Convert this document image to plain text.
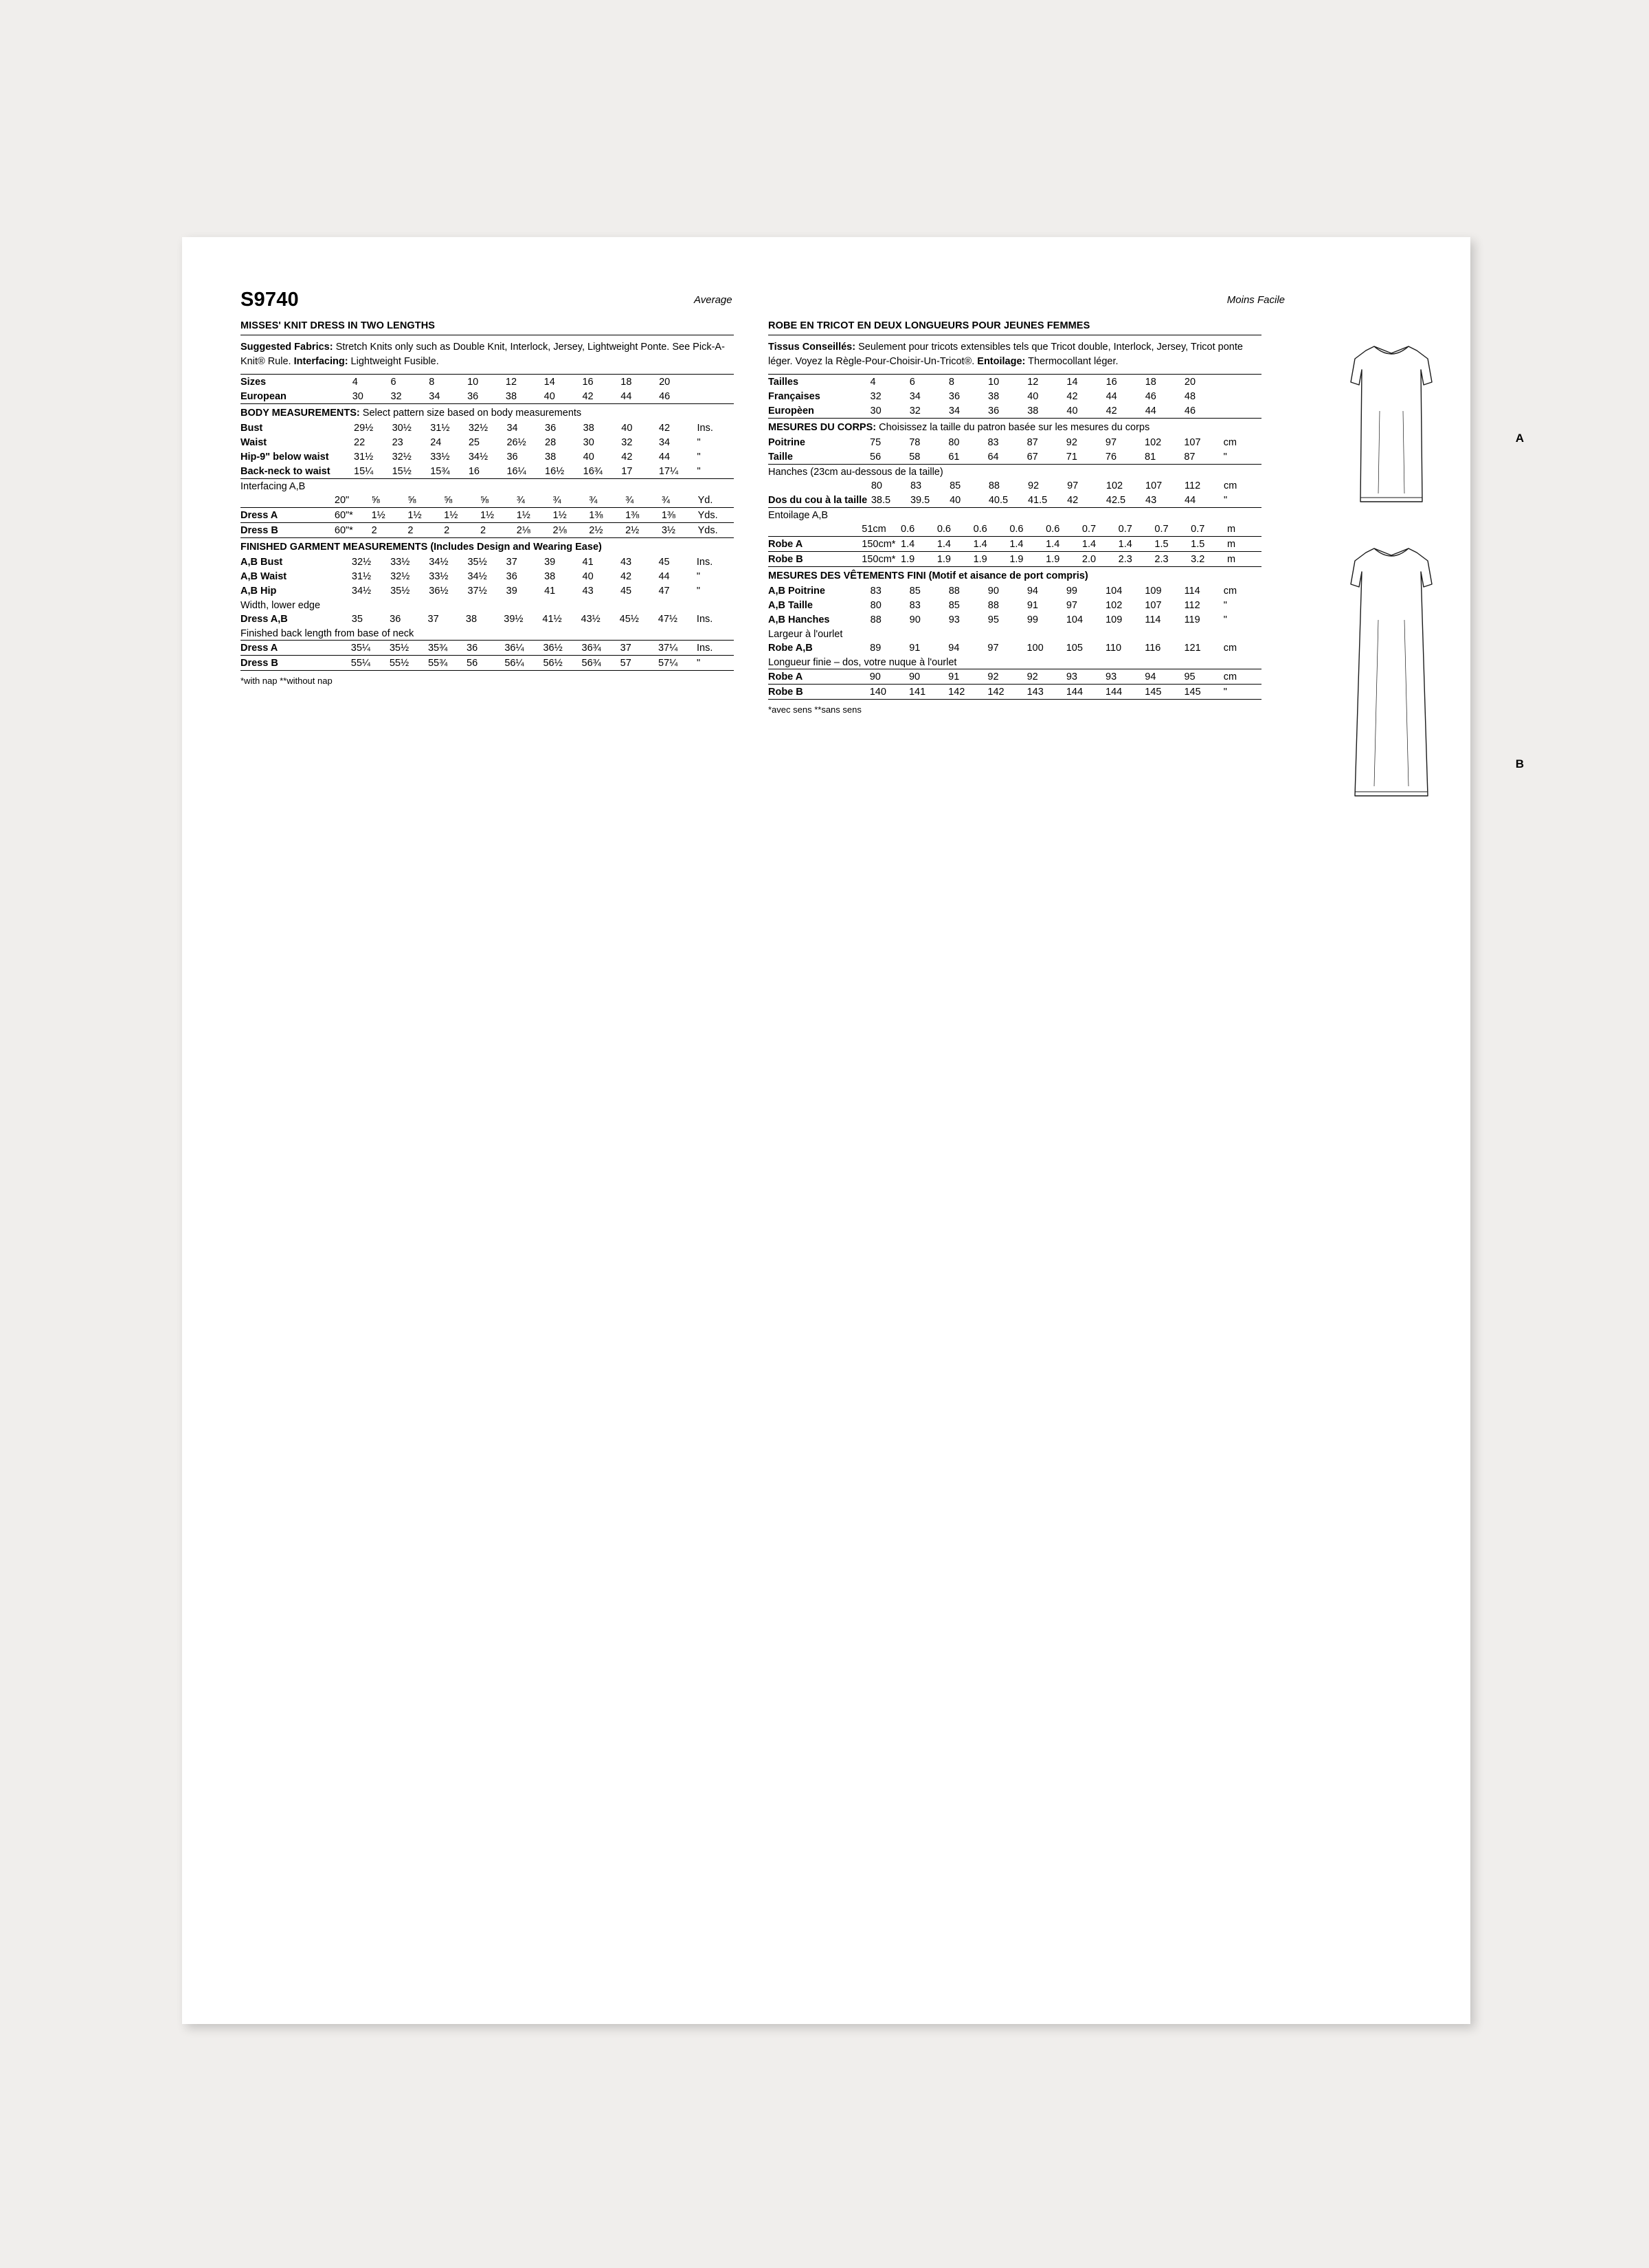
S9740	Average	Moins Facile
MISSES' KNIT DRESS IN TWO LENGTHS
Suggested Fabrics: Stretch Knits only such as Double Knit, Interlock, Jersey, Lightweight Ponte. See Pick-A-Knit® Rule. Interfacing: Lightweight Fusible.
Sizes	4	6	8	10	12	14	16	18	20	
European	30	32	34	36	38	40	42	44	46	
BODY MEASUREMENTS: Select pattern size based on body measurements
Bust	29½	30½	31½	32½	34	36	38	40	42	Ins.
Waist	22	23	24	25	26½	28	30	32	34	"
Hip-9" below waist	31½	32½	33½	34½	36	38	40	42	44	"
Back-neck to waist	15¼	15½	15¾	16	16¼	16½	16¾	17	17¼	"
Interfacing A,B
	20"	⅝	⅝	⅝	⅝	¾	¾	¾	¾	¾	Yd.
Dress A	60"*	1½	1½	1½	1½	1½	1½	1⅜	1⅜	1⅜	Yds.
Dress B	60"*	2	2	2	2	2⅛	2⅛	2½	2½	3½	Yds.
FINISHED GARMENT MEASUREMENTS (Includes Design and Wearing Ease)
A,B Bust	32½	33½	34½	35½	37	39	41	43	45	Ins.
A,B Waist	31½	32½	33½	34½	36	38	40	42	44	"
A,B Hip	34½	35½	36½	37½	39	41	43	45	47	"
Width, lower edge
Dress A,B	35	36	37	38	39½	41½	43½	45½	47½	Ins.
Finished back length from base of neck
Dress A	35¼	35½	35¾	36	36¼	36½	36¾	37	37¼	Ins.
Dress B	55¼	55½	55¾	56	56¼	56½	56¾	57	57¼	"
*with nap **without nap
ROBE EN TRICOT EN DEUX LONGUEURS POUR JEUNES FEMMES
Tissus Conseillés: Seulement pour tricots extensibles tels que Tricot double, Interlock, Jersey, Tricot ponte léger. Voyez la Règle-Pour-Choisir-Un-Tricot®. Entoilage: Thermocollant léger.
Tailles	4	6	8	10	12	14	16	18	20	
Françaises	32	34	36	38	40	42	44	46	48	
Europèen	30	32	34	36	38	40	42	44	46	
MESURES DU CORPS: Choisissez la taille du patron basée sur les mesures du corps
Poitrine	75	78	80	83	87	92	97	102	107	cm
Taille	56	58	61	64	67	71	76	81	87	"
Hanches (23cm au-dessous de la taille)
	80	83	85	88	92	97	102	107	112	cm
Dos du cou à la taille	38.5	39.5	40	40.5	41.5	42	42.5	43	44	"
Entoilage A,B
	51cm	0.6	0.6	0.6	0.6	0.6	0.7	0.7	0.7	0.7	m
Robe A	150cm*	1.4	1.4	1.4	1.4	1.4	1.4	1.4	1.5	1.5	m
Robe B	150cm*	1.9	1.9	1.9	1.9	1.9	2.0	2.3	2.3	3.2	m
MESURES DES VÊTEMENTS FINI (Motif et aisance de port compris)
A,B Poitrine	83	85	88	90	94	99	104	109	114	cm
A,B Taille	80	83	85	88	91	97	102	107	112	"
A,B Hanches	88	90	93	95	99	104	109	114	119	"
Largeur à l'ourlet
Robe A,B	89	91	94	97	100	105	110	116	121	cm
Longueur finie – dos, votre nuque à l'ourlet
Robe A	90	90	91	92	92	93	93	94	95	cm
Robe B	140	141	142	142	143	144	144	145	145	"
*avec sens **sans sens
A
B
